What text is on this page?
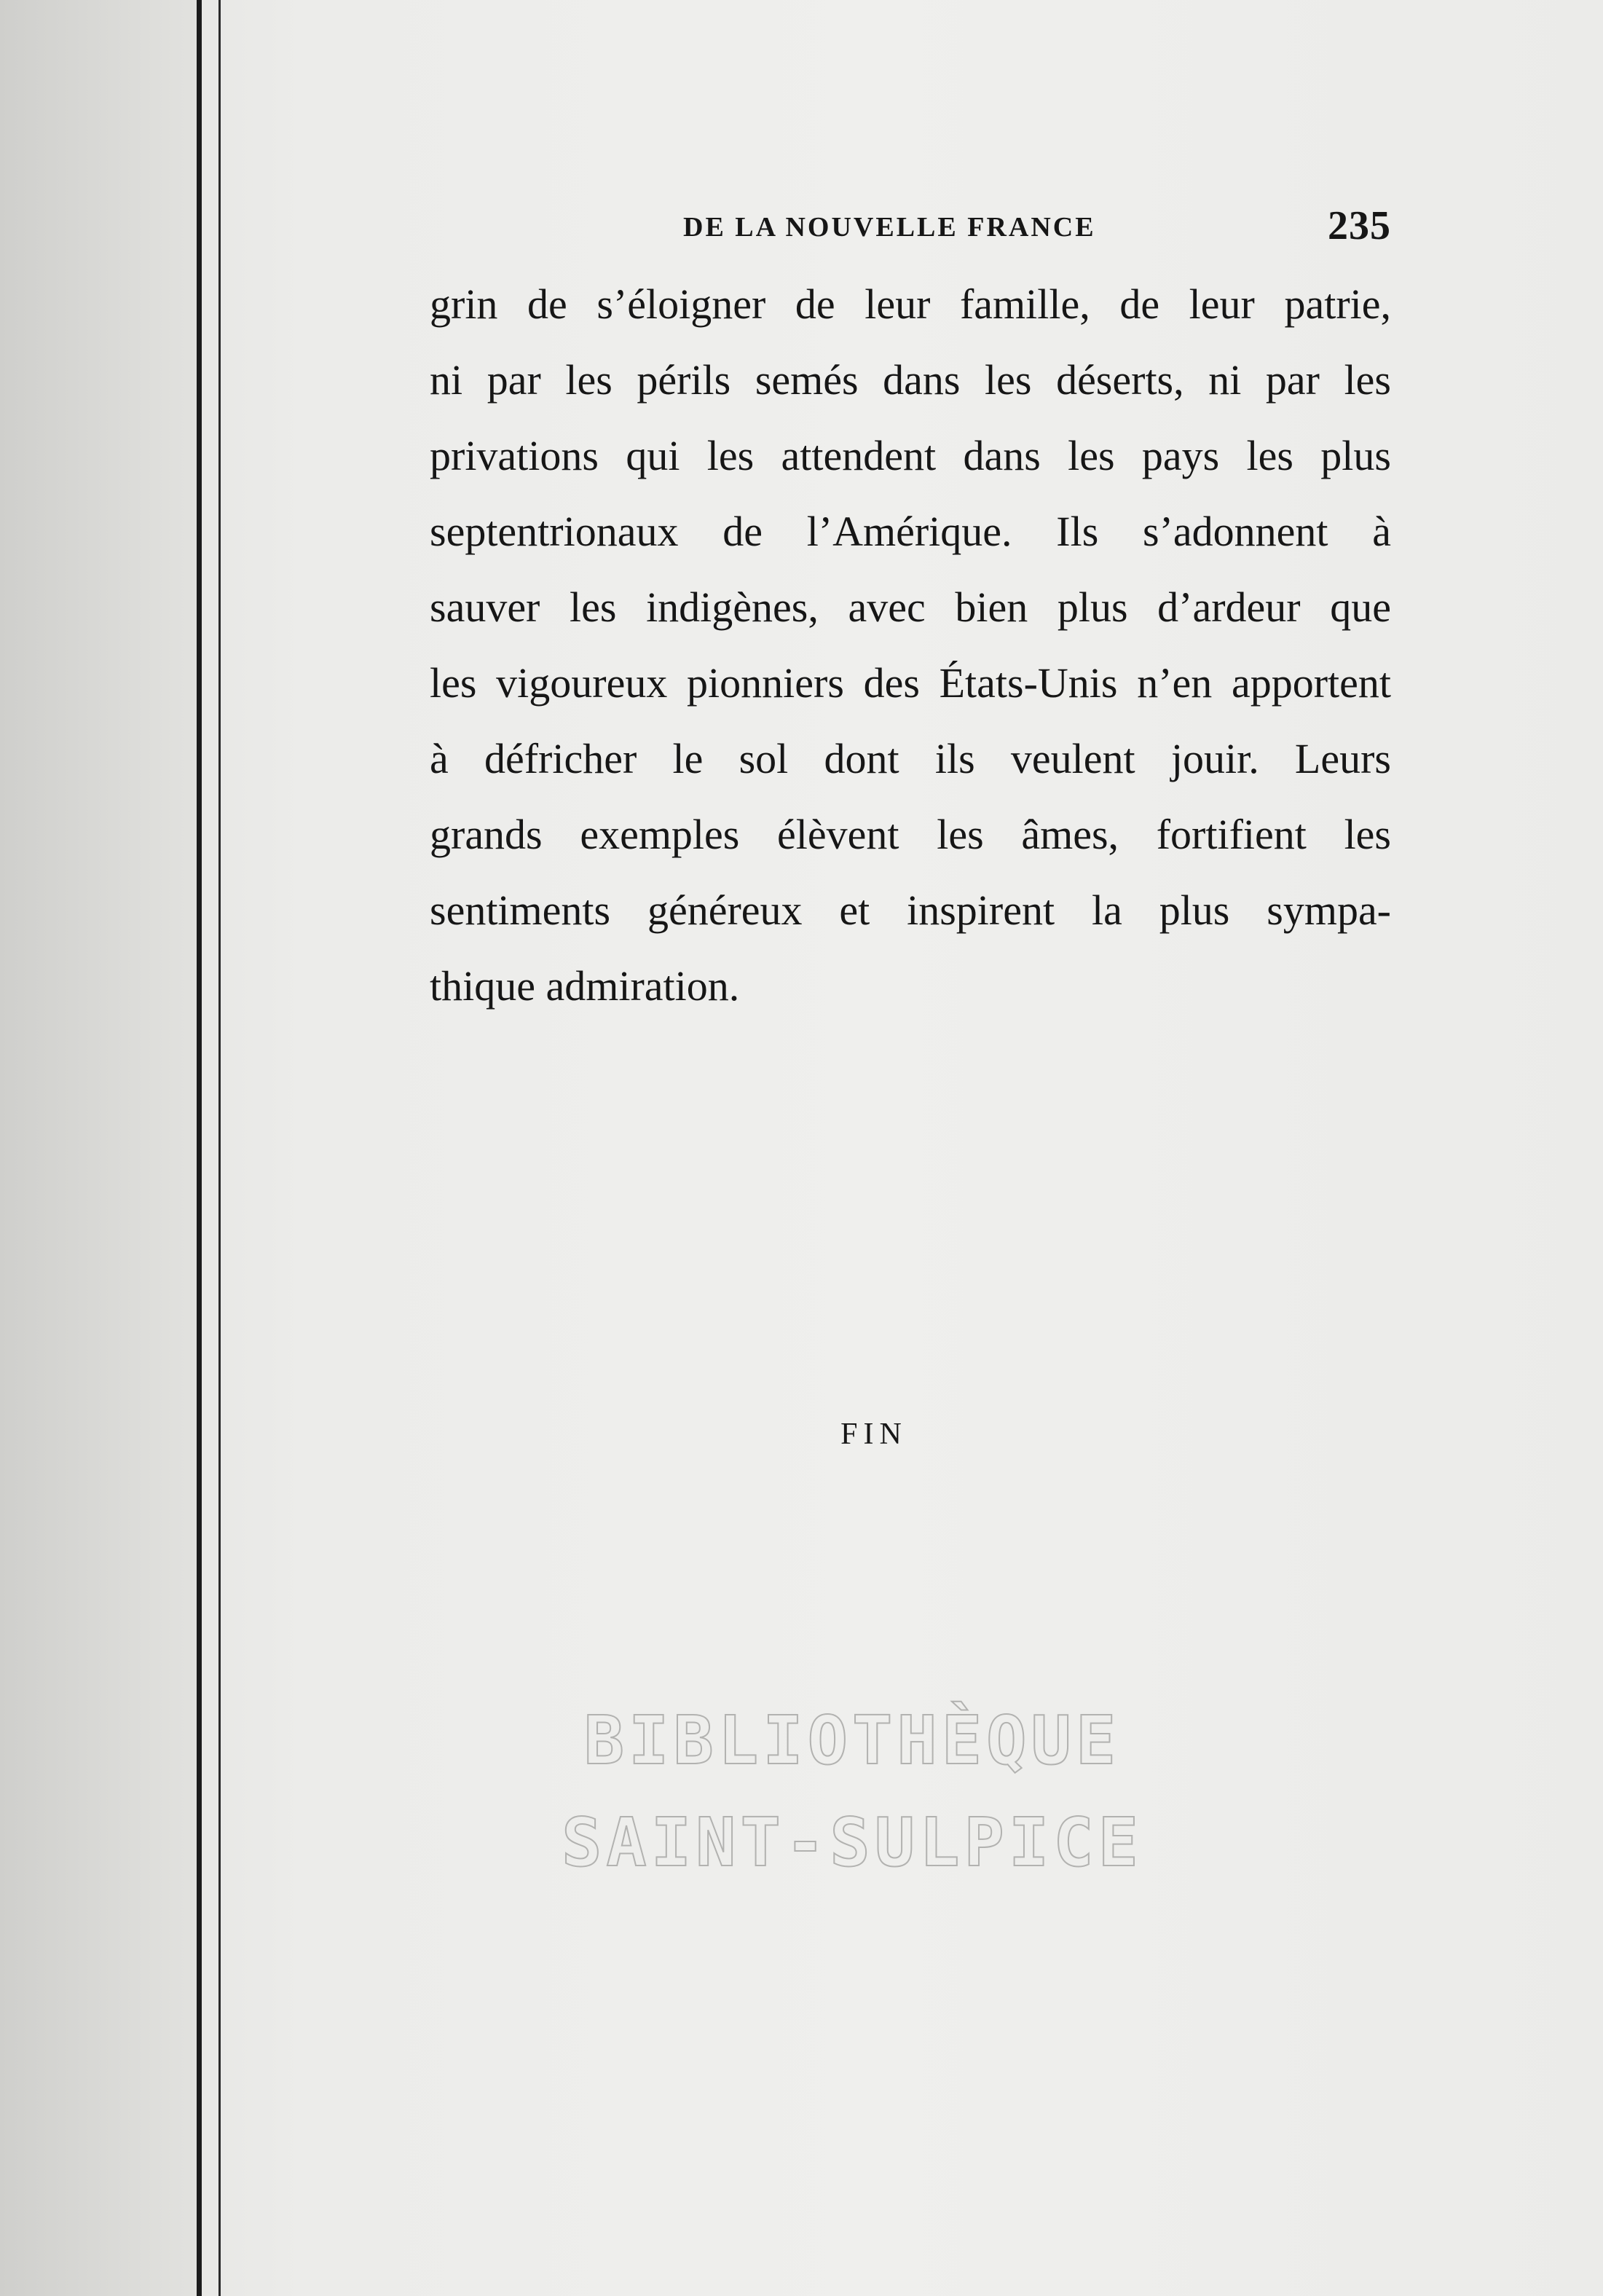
DE LA NOUVELLE FRANCE	235
grin de s’éloigner de leur famille, de leur patrie,
ni par les périls semés dans les déserts, ni par les
privations qui les attendent dans les pays les plus
septentrionaux de l’Amérique. Ils s’adonnent à
sauver les indigènes, avec bien plus d’ardeur que
les vigoureux pionniers des États-Unis n’en apportent
à défricher le sol dont ils veulent jouir. Leurs
grands exemples élèvent les âmes, fortifient les
sentiments généreux et inspirent la plus sympa-
thique admiration.
FIN
BIBLIOTHÈQUE
SAINT-SULPICE
